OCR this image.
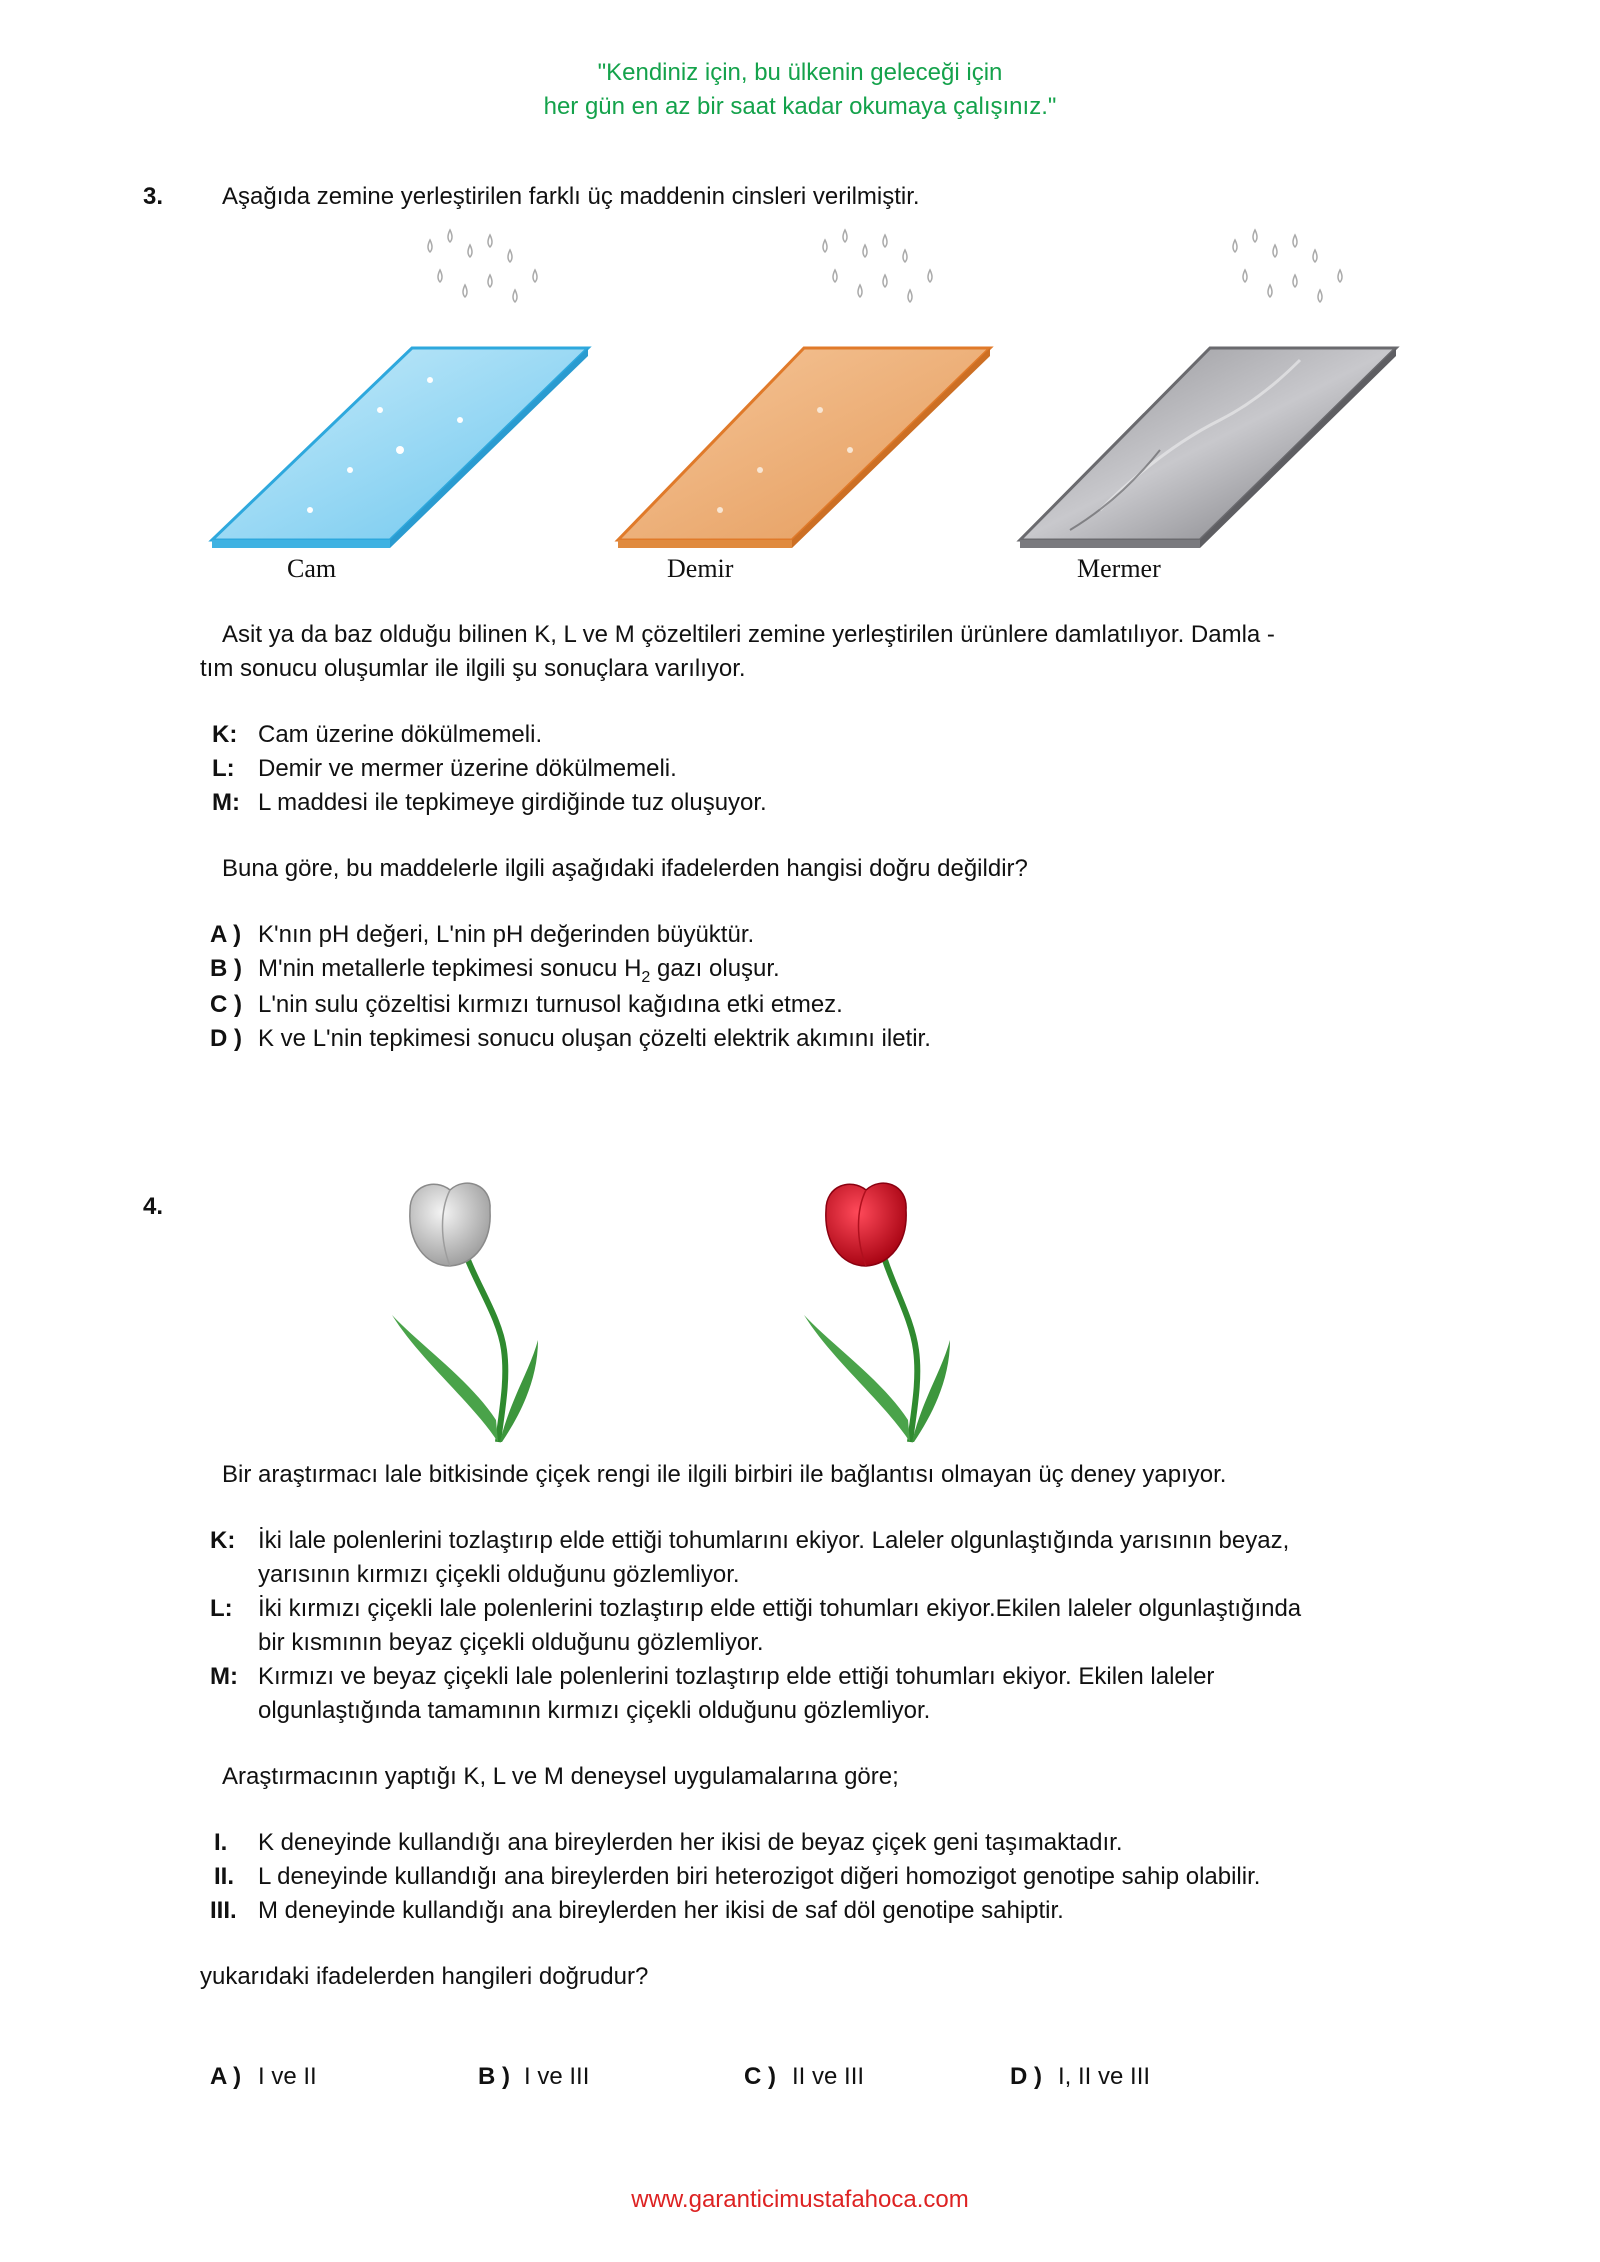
"Kendiniz için, bu ülkenin geleceği için
her gün en az bir saat kadar okumaya çalışınız."
3. Aşağıda zemine yerleştirilen farklı üç maddenin cinsleri verilmiştir.
Cam	Demir	Mermer
Asit ya da baz olduğu bilinen K, L ve M çözeltileri zemine yerleştirilen ürünlere damlatılıyor. Damla -
tım sonucu oluşumlar ile ilgili şu sonuçlara varılıyor.
K: Cam üzerine dökülmemeli.
L: Demir ve mermer üzerine dökülmemeli.
M: L maddesi ile tepkimeye girdiğinde tuz oluşuyor.
Buna göre, bu maddelerle ilgili aşağıdaki ifadelerden hangisi doğru değildir?
A ) K'nın pH değeri, L'nin pH değerinden büyüktür.
B ) M'nin metallerle tepkimesi sonucu $H_2$ gazı oluşur.
C ) L'nin sulu çözeltisi kırmızı turnusol kağıdına etki etmez.
D ) K ve L'nin tepkimesi sonucu oluşan çözelti elektrik akımını iletir.
4.
Bir araştırmacı lale bitkisinde çiçek rengi ile ilgili birbiri ile bağlantısı olmayan üç deney yapıyor.
K: İki lale polenlerini tozlaştırıp elde ettiği tohumlarını ekiyor. Laleler olgunlaştığında yarısının beyaz,
yarısının kırmızı çiçekli olduğunu gözlemliyor.
L: İki kırmızı çiçekli lale polenlerini tozlaştırıp elde ettiği tohumları ekiyor.Ekilen laleler olgunlaştığında
bir kısmının beyaz çiçekli olduğunu gözlemliyor.
M: Kırmızı ve beyaz çiçekli lale polenlerini tozlaştırıp elde ettiği tohumları ekiyor. Ekilen laleler
olgunlaştığında tamamının kırmızı çiçekli olduğunu gözlemliyor.
Araştırmacının yaptığı K, L ve M deneysel uygulamalarına göre;
I. K deneyinde kullandığı ana bireylerden her ikisi de beyaz çiçek geni taşımaktadır.
II. L deneyinde kullandığı ana bireylerden biri heterozigot diğeri homozigot genotipe sahip olabilir.
III. M deneyinde kullandığı ana bireylerden her ikisi de saf döl genotipe sahiptir.
yukarıdaki ifadelerden hangileri doğrudur?
A ) I ve II	B ) I ve III	C ) II ve III	D ) I, II ve III
www.garanticimustafahoca.com
